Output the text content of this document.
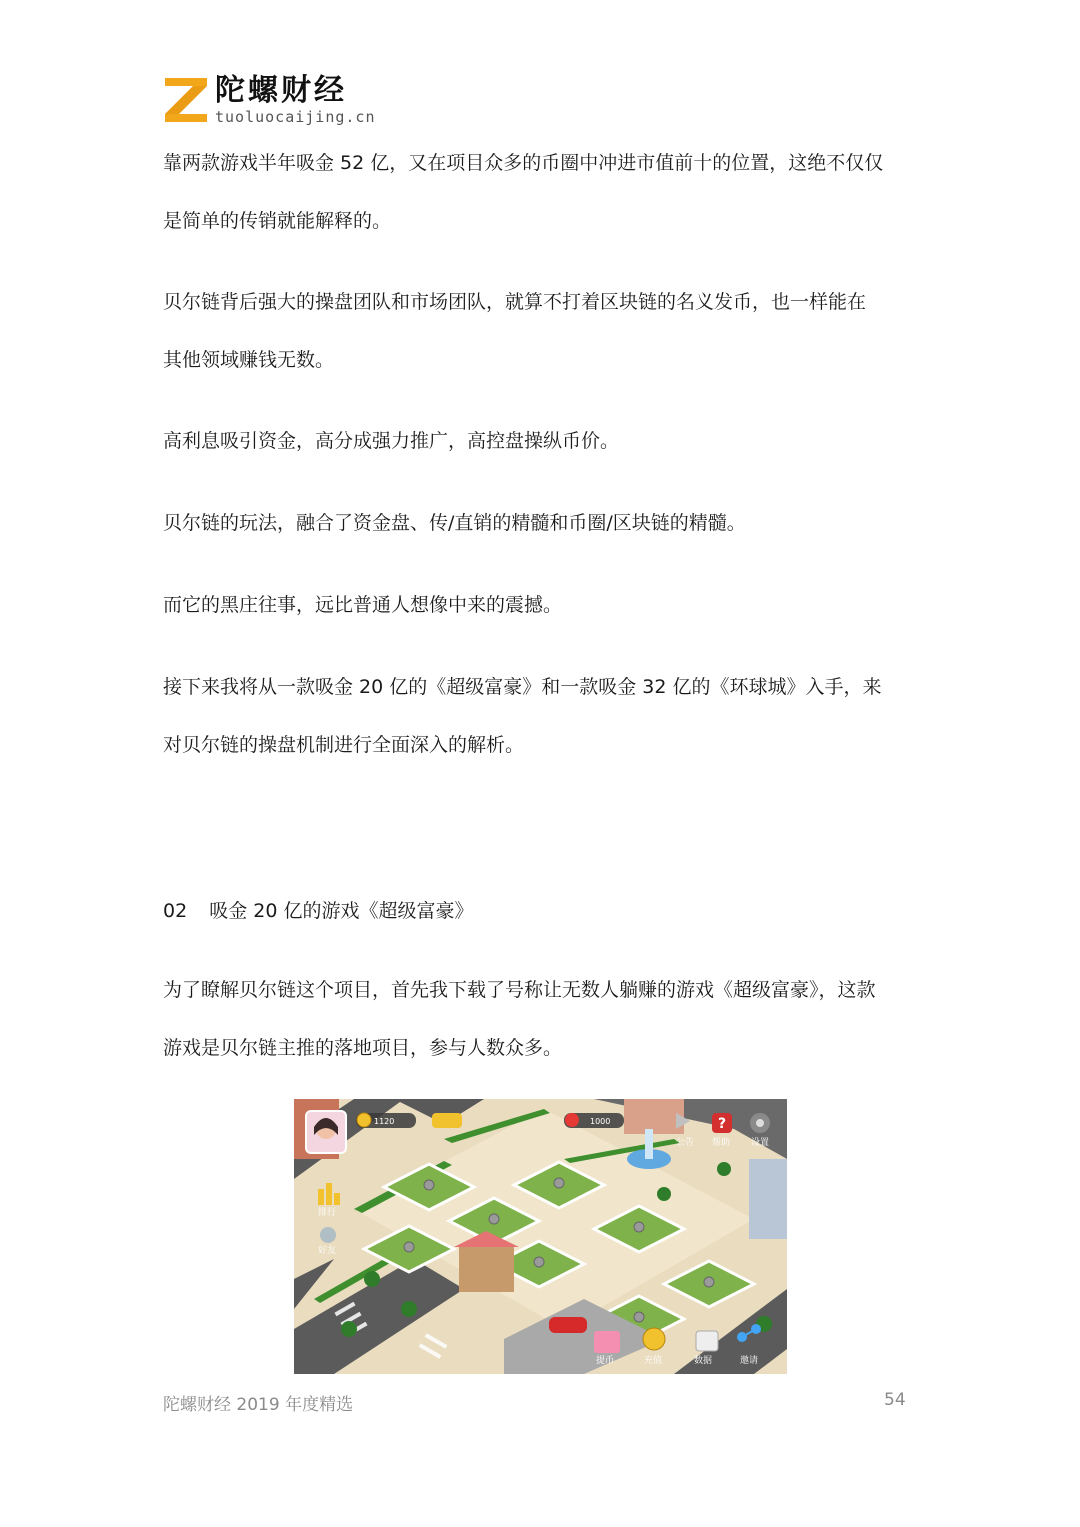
陀螺财经
tuoluocaijing.cn

靠两款游戏半年吸金 52 亿，又在项目众多的币圈中冲进市值前十的位置，这绝不仅仅
是简单的传销就能解释的。

贝尔链背后强大的操盘团队和市场团队，就算不打着区块链的名义发币，也一样能在
其他领域赚钱无数。

高利息吸引资金，高分成强力推广，高控盘操纵币价。

贝尔链的玩法，融合了资金盘、传/直销的精髓和币圈/区块链的精髓。

而它的黑庄往事，远比普通人想像中来的震撼。

接下来我将从一款吸金 20 亿的《超级富豪》和一款吸金 32 亿的《环球城》入手，来
对贝尔链的操盘机制进行全面深入的解析。

02 吸金 20 亿的游戏《超级富豪》

为了瞭解贝尔链这个项目，首先我下载了号称让无数人躺赚的游戏《超级富豪》，这款
游戏是贝尔链主推的落地项目，参与人数众多。

1120	1000
公告
?
帮助 设置
排行
好友
提币	充值	数据	邀请
陀螺财经 2019 年度精选	54
